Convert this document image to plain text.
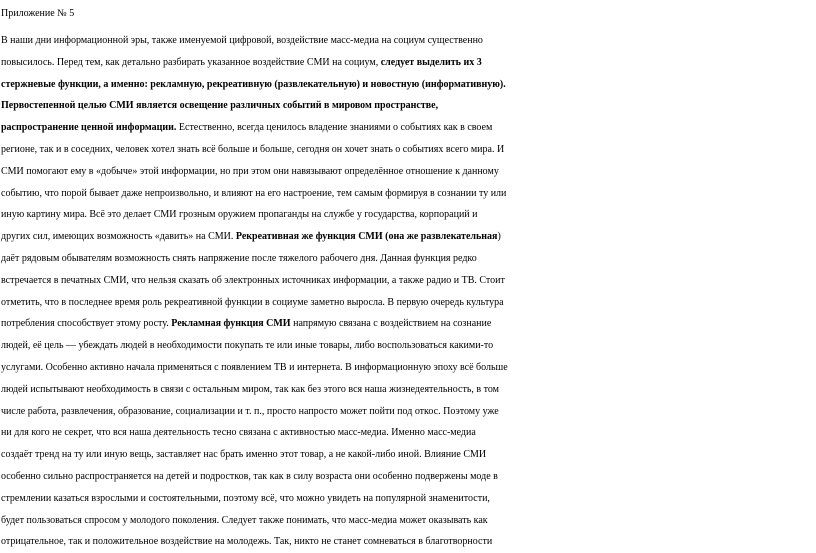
Приложение № 5
В наши дни информационной эры, также именуемой цифровой, воздействие масс-медиа на социум существенно
повысилось. Перед тем, как детально разбирать указанное воздействие СМИ на социум, следует выделить их 3
стержневые функции, а именно: рекламную, рекреативную (развлекательную) и новостную (информативную).
Первостепенной целью СМИ является освещение различных событий в мировом пространстве,
распространение ценной информации. Естественно, всегда ценилось владение знаниями о событиях как в своем
регионе, так и в соседних, человек хотел знать всё больше и больше, сегодня он хочет знать о событиях всего мира. И
СМИ помогают ему в «добыче» этой информации, но при этом они навязывают определённое отношение к данному
событию, что порой бывает даже непроизвольно, и влияют на его настроение, тем самым формируя в сознании ту или
иную картину мира. Всё это делает СМИ грозным оружием пропаганды на службе у государства, корпораций и
других сил, имеющих возможность «давить» на СМИ. Рекреативная же функция СМИ (она же развлекательная)
даёт рядовым обывателям возможность снять напряжение после тяжелого рабочего дня. Данная функция редко
встречается в печатных СМИ, что нельзя сказать об электронных источниках информации, а также радио и ТВ. Стоит
отметить, что в последнее время роль рекреативной функции в социуме заметно выросла. В первую очередь культура
потребления способствует этому росту. Рекламная функция СМИ напрямую связана с воздействием на сознание
людей, её цель — убеждать людей в необходимости покупать те или иные товары, либо воспользоваться какими-то
услугами. Особенно активно начала применяться с появлением ТВ и интернета. В информационную эпоху всё больше
людей испытывают необходимость в связи с остальным миром, так как без этого вся наша жизнедеятельность, в том
числе работа, развлечения, образование, социализации и т. п., просто напросто может пойти под откос. Поэтому уже
ни для кого не секрет, что вся наша деятельность тесно связана с активностью масс-медиа. Именно масс-медиа
создаёт тренд на ту или иную вещь, заставляет нас брать именно этот товар, а не какой-либо иной. Влияние СМИ
особенно сильно распространяется на детей и подростков, так как в силу возраста они особенно подвержены моде в
стремлении казаться взрослыми и состоятельными, поэтому всё, что можно увидеть на популярной знаменитости,
будет пользоваться спросом у молодого поколения. Следует также понимать, что масс-медиа может оказывать как
отрицательное, так и положительное воздействие на молодежь. Так, никто не станет сомневаться в благотворности
